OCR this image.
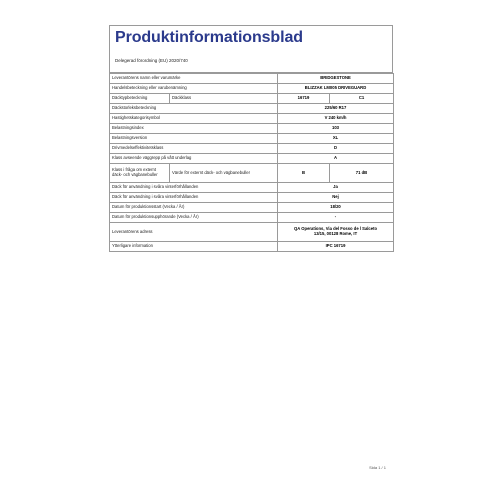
Produktinformationsblad
Delegerad förordning (EU) 2020/740
Leverantörens namn eller varumärke		BRIDGESTONE	
Handelsbeteckning eller varubenämning		BLIZZAK LM005 DRIVEGUARD	
Däcktypbeteckning	Däckklass	16719	C1
Däckstorleksbeteckning		225/60 R17	
Hastighetskategorisymbol		V 240 km/h	
Belastningsindex		103	
Belastningsversion		XL	
Drivmedelseffektivitetsklass		D	
Klass avseende väggrepp på vått underlag		A	
Klass i fråga om externt däck- och vägbanebuller	Värde för externt däck- och vägbanebuller	B	71 dB
Däck för användning i svåra vinterförhållanden		Ja	
Däck för användning i svåra vinterförhållanden		Nej	
Datum för produktionsstart (Vecka / År)		18/20	
Datum för produktionsupphörande (Vecka / År)		-	
Leverantörens adress		QA Operations, Via del Fosso de l Salceto 13/15, 00128 Rome, IT	
Ytterligare information		IPC 16719	
Sida 1 / 1
